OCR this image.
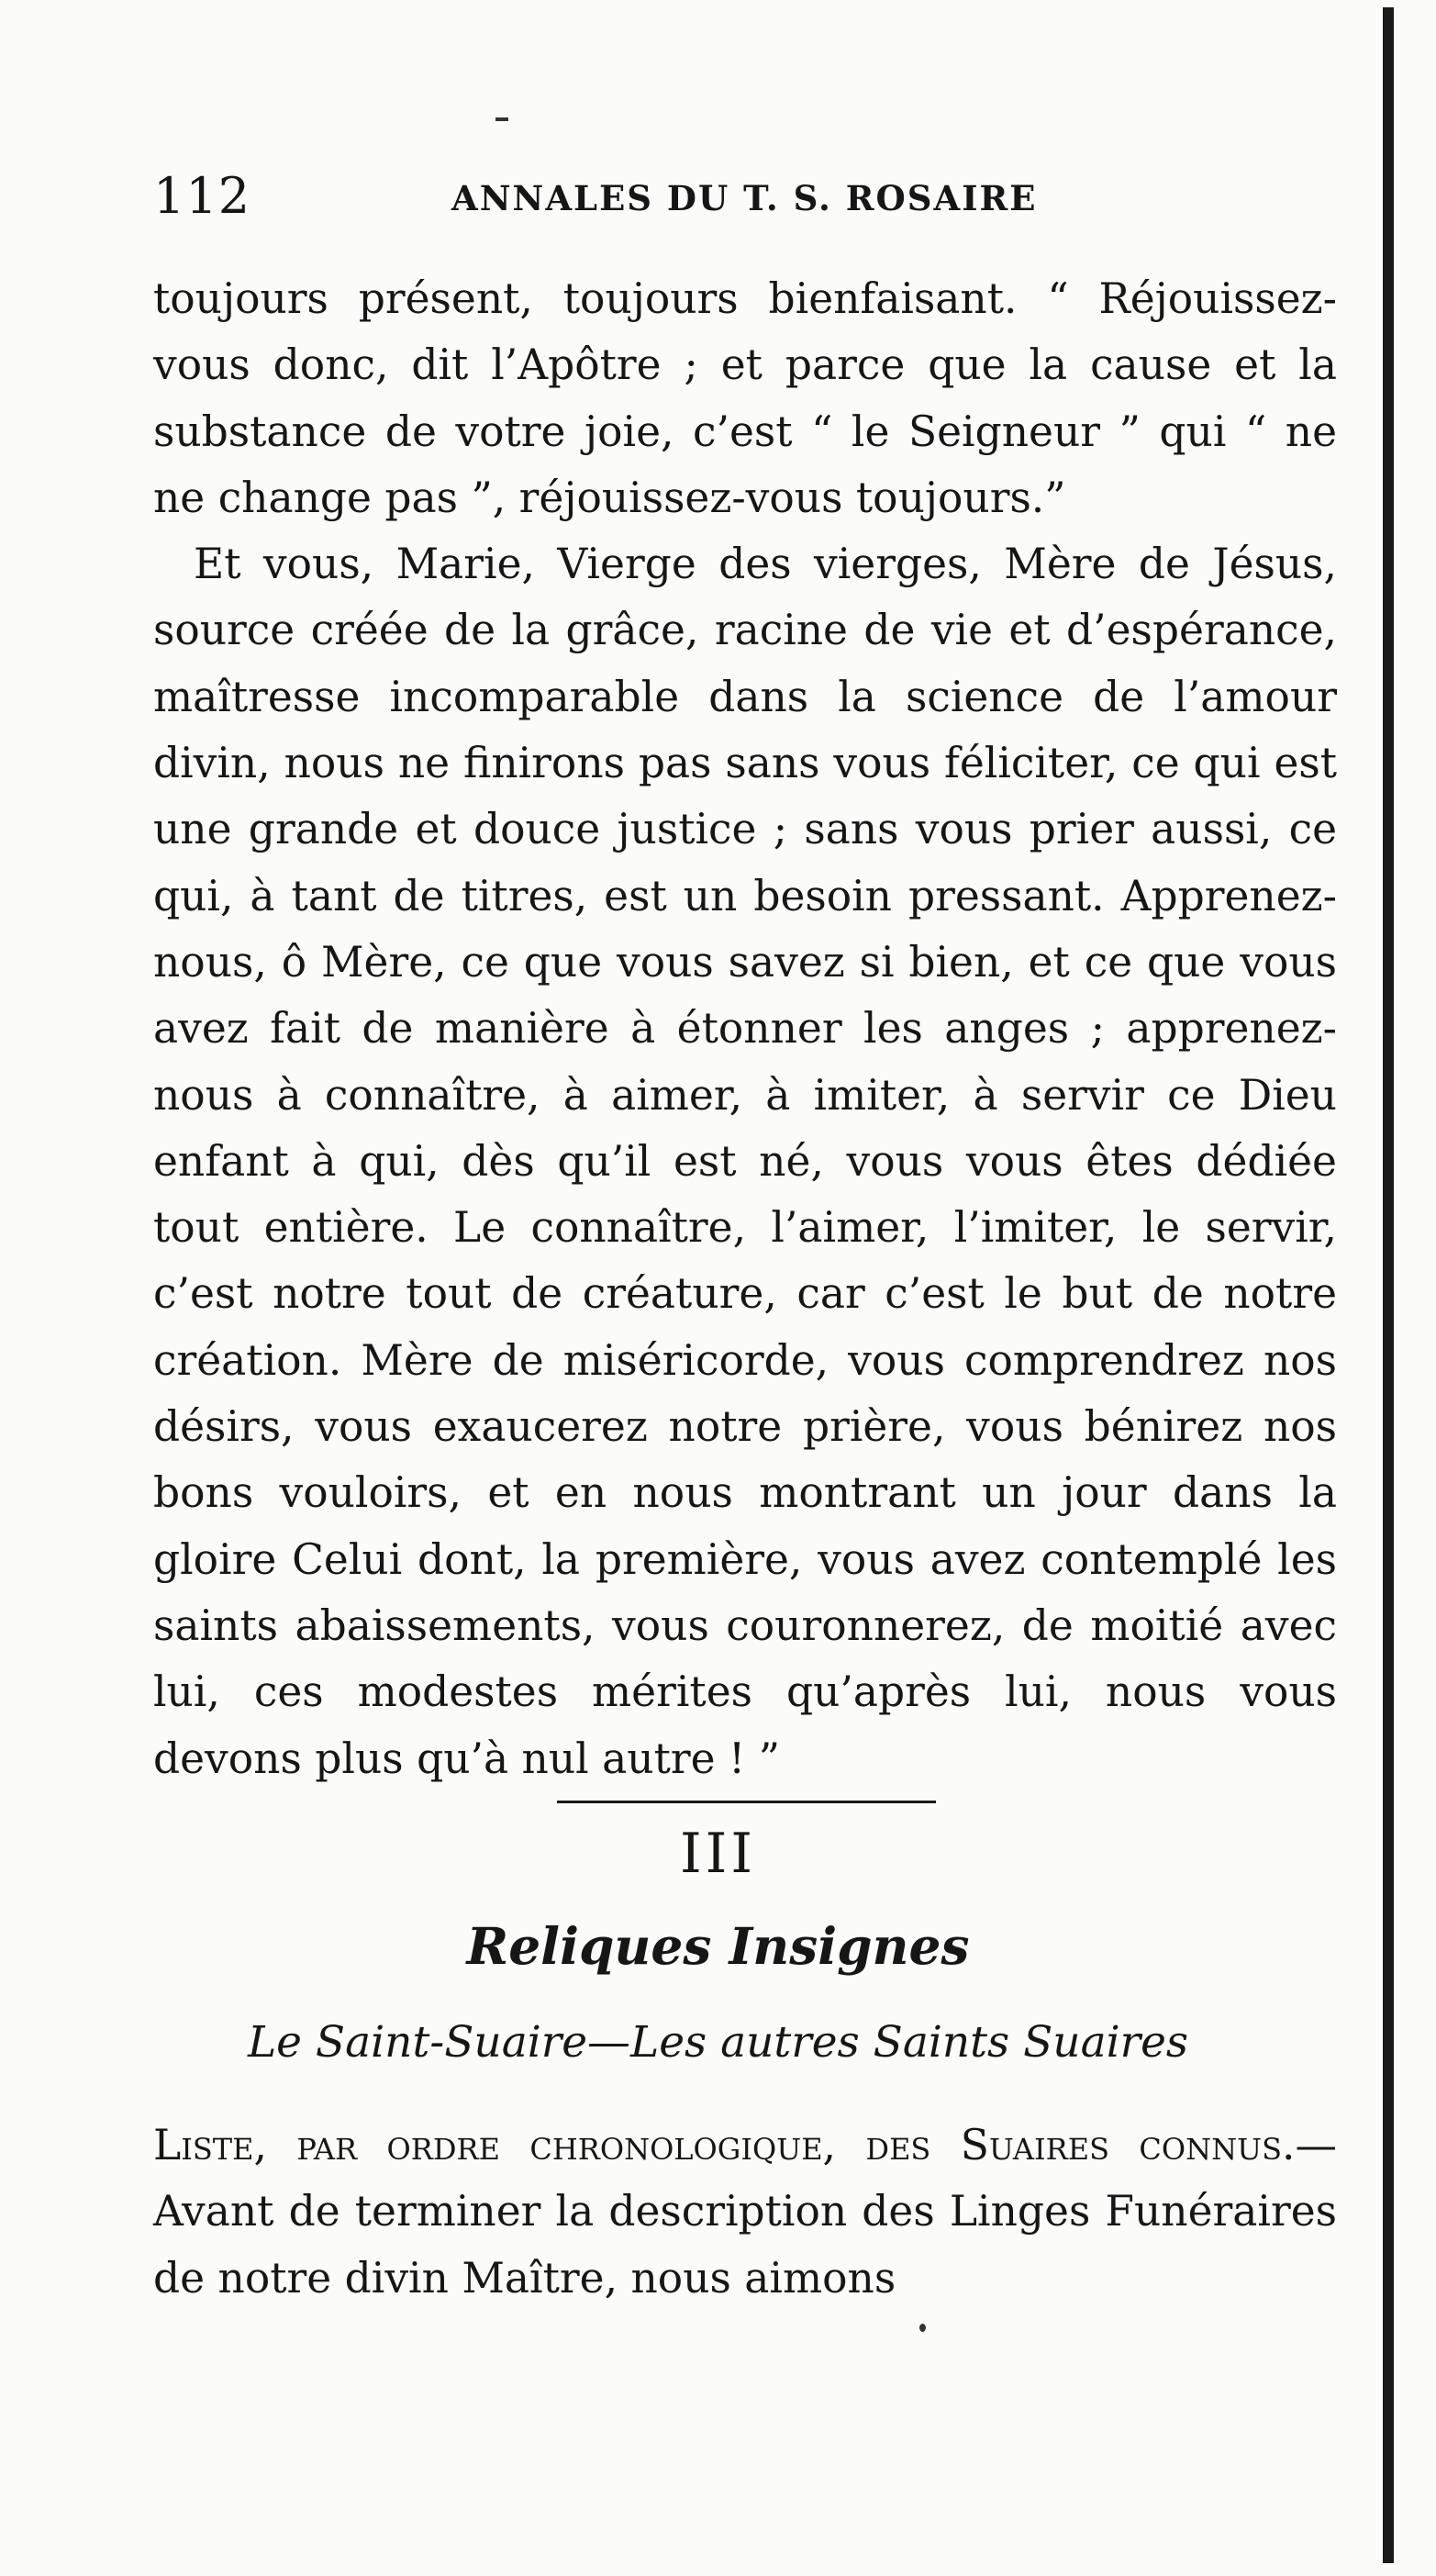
112	ANNALES DU T. S. ROSAIRE

toujours présent, toujours bienfaisant. “ Réjouissez-vous donc, dit l’Apôtre ; et parce que la cause et la substance de votre joie, c’est “ le Seigneur ” qui “ ne ne change pas ”, réjouissez-vous toujours.”

Et vous, Marie, Vierge des vierges, Mère de Jésus, source créée de la grâce, racine de vie et d’espérance, maîtresse incomparable dans la science de l’amour divin, nous ne finirons pas sans vous féliciter, ce qui est une grande et douce justice ; sans vous prier aussi, ce qui, à tant de titres, est un besoin pressant. Apprenez-nous, ô Mère, ce que vous savez si bien, et ce que vous avez fait de manière à étonner les anges ; apprenez-nous à connaître, à aimer, à imiter, à servir ce Dieu enfant à qui, dès qu’il est né, vous vous êtes dédiée tout entière. Le connaître, l’aimer, l’imiter, le servir, c’est notre tout de créature, car c’est le but de notre création. Mère de miséricorde, vous comprendrez nos désirs, vous exaucerez notre prière, vous bénirez nos bons vouloirs, et en nous montrant un jour dans la gloire Celui dont, la première, vous avez contemplé les saints abaissements, vous couronnerez, de moitié avec lui, ces modestes mérites qu’après lui, nous vous devons plus qu’à nul autre ! ”

III
Reliques Insignes
Le Saint-Suaire—Les autres Saints Suaires
Liste, par ordre chronologique, des Suaires connus.—Avant de terminer la description des Linges Funéraires de notre divin Maître, nous aimons
